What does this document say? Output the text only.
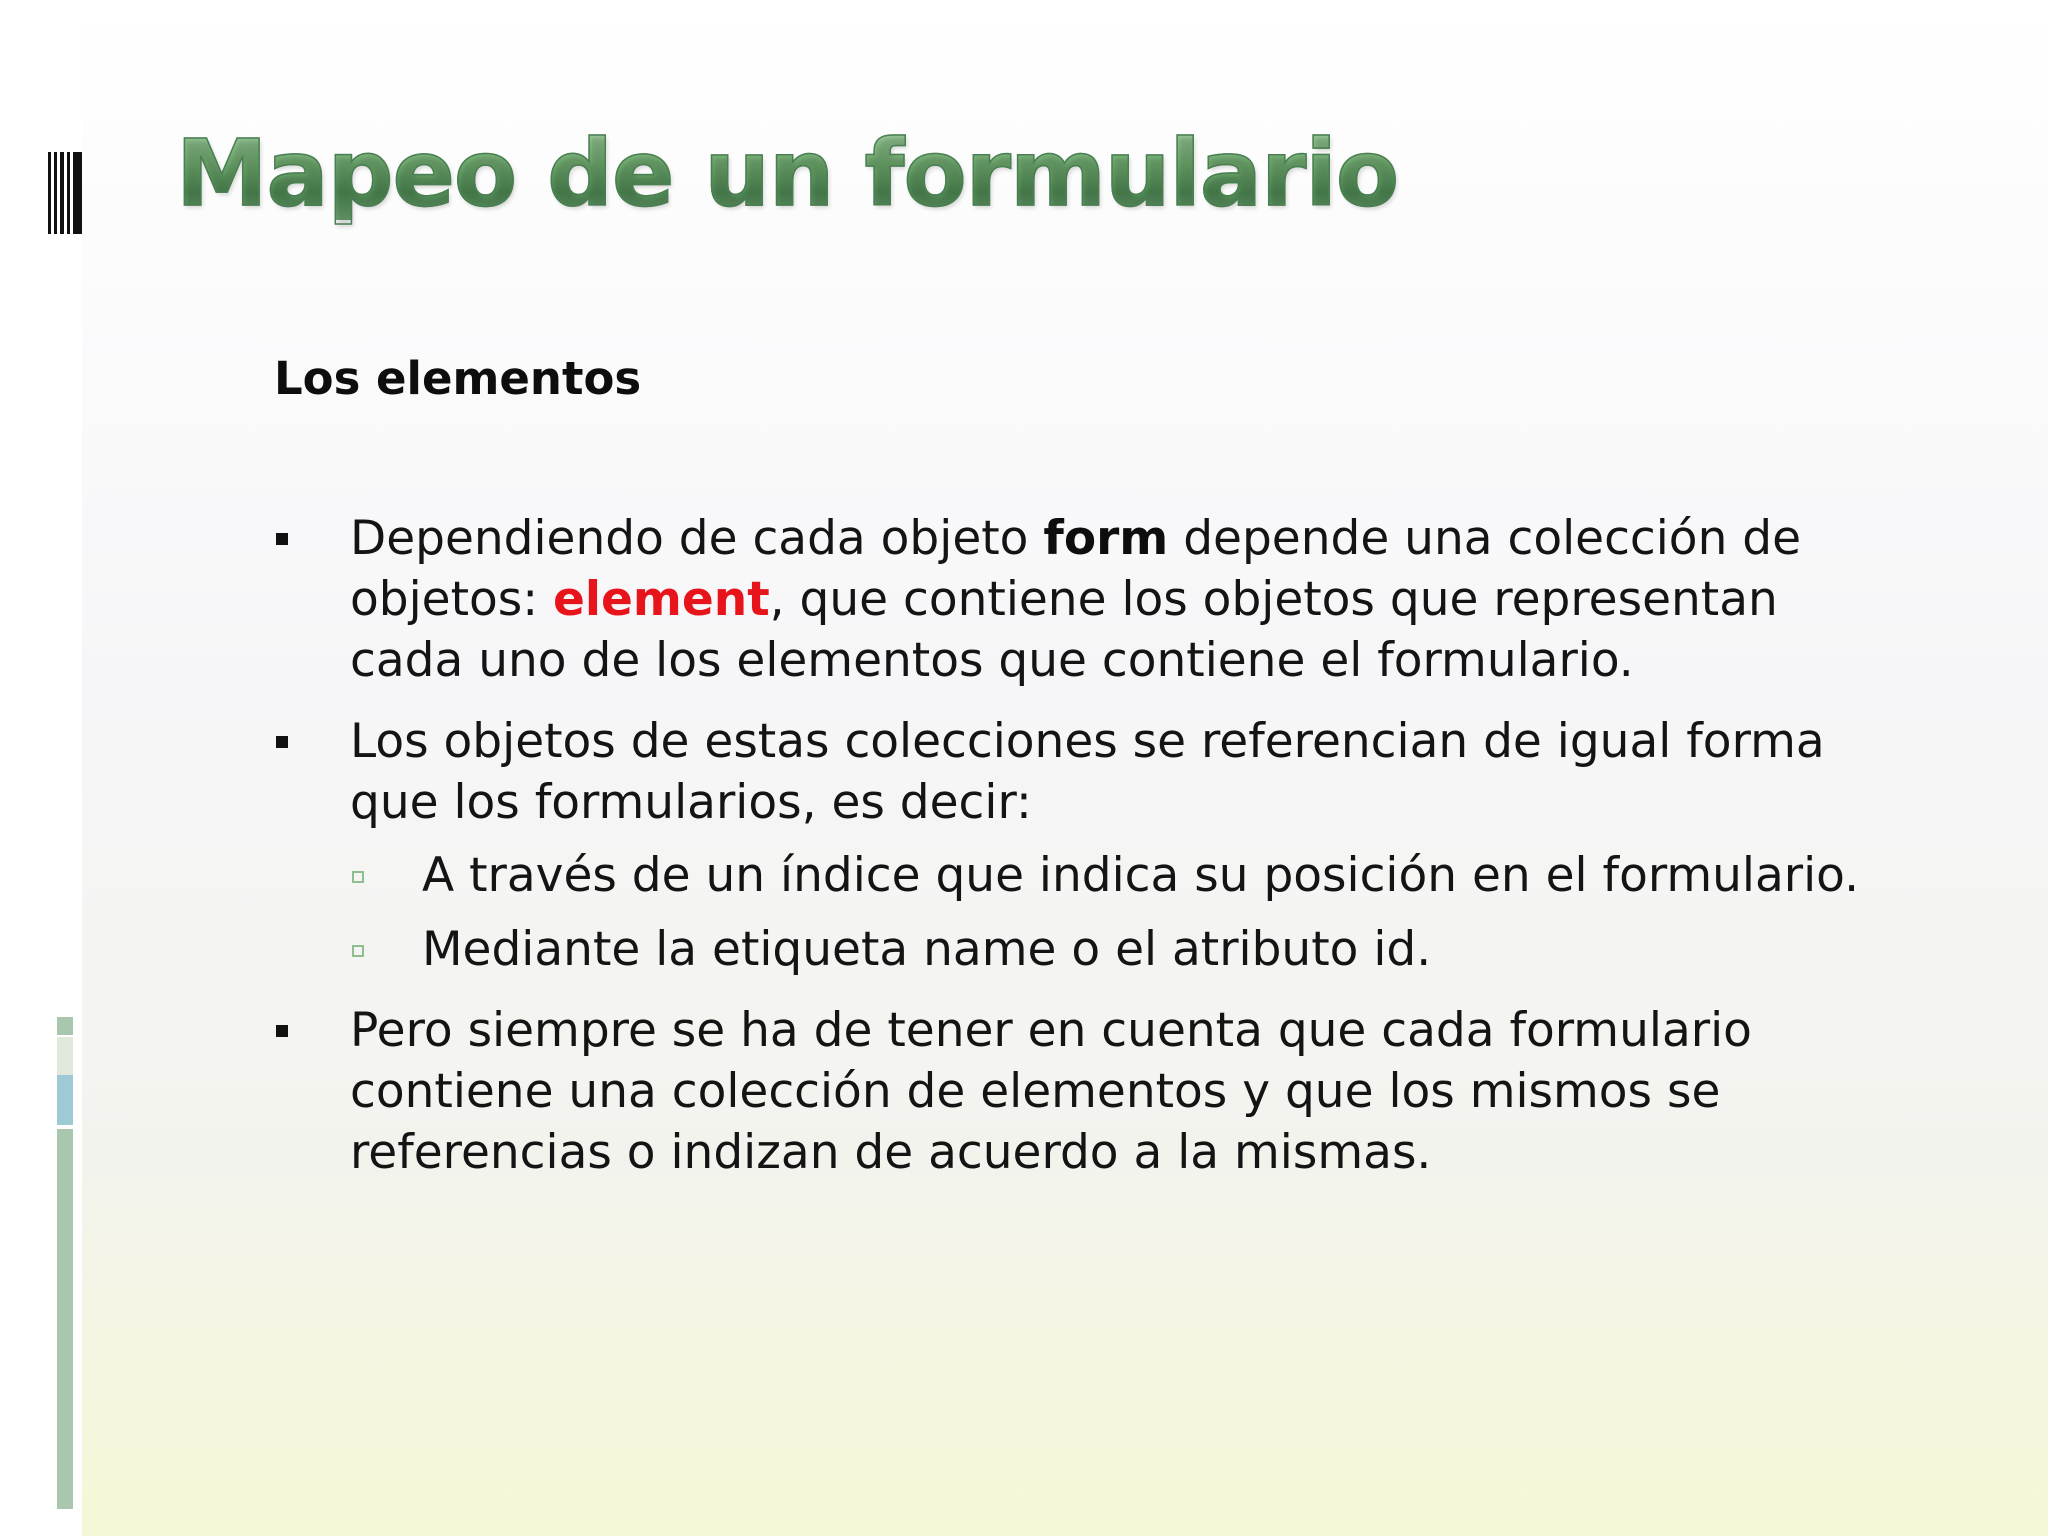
Mapeo de un formulario
Los elementos
Dependiendo de cada objeto form depende una colección de objetos: element, que contiene los objetos que representan cada uno de los elementos que contiene el formulario.
Los objetos de estas colecciones se referencian de igual forma que los formularios, es decir:
A través de un índice que indica su posición en el formulario.
Mediante la etiqueta name o el atributo id.
Pero siempre se ha de tener en cuenta que cada formulario contiene una colección de elementos y que los mismos se referencias o indizan de acuerdo a la mismas.
